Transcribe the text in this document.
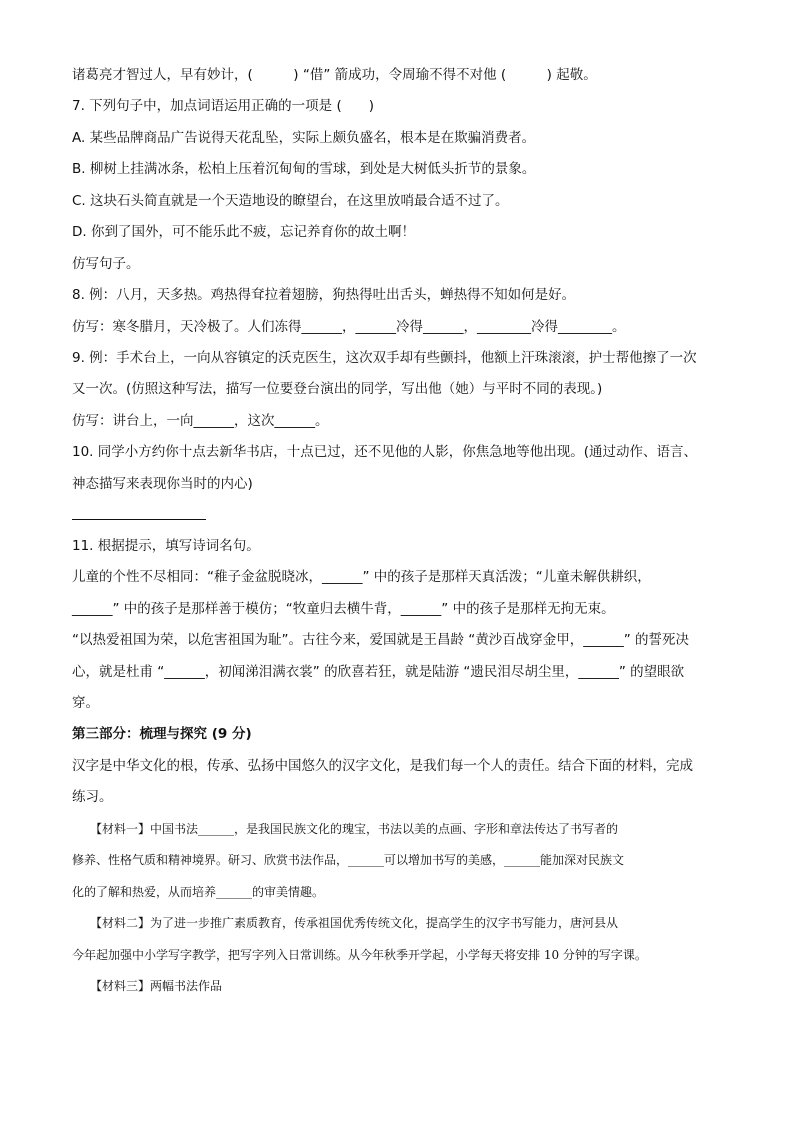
诸葛亮才智过人，早有妙计，(　　　) “借” 箭成功，令周瑜不得不对他 (　　　) 起敬。
7. 下列句子中，加点词语运用正确的一项是 (　　)
A. 某些品牌商品广告说得天花乱坠，实际上颇负盛名，根本是在欺骗消费者。
B. 柳树上挂满冰条，松柏上压着沉甸甸的雪球，到处是大树低头折节的景象。
C. 这块石头简直就是一个天造地设的瞭望台，在这里放哨最合适不过了。
D. 你到了国外，可不能乐此不疲，忘记养育你的故土啊！
仿写句子。
8. 例：八月，天多热。鸡热得耷拉着翅膀，狗热得吐出舌头，蝉热得不知如何是好。
仿写：寒冬腊月，天冷极了。人们冻得______，______冷得______，________冷得________。
9. 例：手术台上，一向从容镇定的沃克医生，这次双手却有些颤抖，他额上汗珠滚滚，护士帮他擦了一次
又一次。(仿照这种写法，描写一位要登台演出的同学，写出他（她）与平时不同的表现。)
仿写：讲台上，一向______，这次______。
10. 同学小方约你十点去新华书店，十点已过，还不见他的人影，你焦急地等他出现。(通过动作、语言、
神态描写来表现你当时的内心)
11. 根据提示，填写诗词名句。
儿童的个性不尽相同：“稚子金盆脱晓冰，______” 中的孩子是那样天真活泼；“儿童未解供耕织，
______” 中的孩子是那样善于模仿；“牧童归去横牛背，______” 中的孩子是那样无拘无束。
“以热爱祖国为荣，以危害祖国为耻”。古往今来，爱国就是王昌龄 “黄沙百战穿金甲，______” 的誓死决
心，就是杜甫 “______，初闻涕泪满衣裳” 的欣喜若狂，就是陆游 “遗民泪尽胡尘里，______” 的望眼欲
穿。
第三部分：梳理与探究 (9 分)
汉字是中华文化的根，传承、弘扬中国悠久的汉字文化，是我们每一个人的责任。结合下面的材料，完成
练习。
　　【材料一】中国书法______，是我国民族文化的瑰宝，书法以美的点画、字形和章法传达了书写者的
修养、性格气质和精神境界。研习、欣赏书法作品，______可以增加书写的美感，______能加深对民族文
化的了解和热爱，从而培养______的审美情趣。
　　【材料二】为了进一步推广素质教育，传承祖国优秀传统文化，提高学生的汉字书写能力，唐河县从
今年起加强中小学写字教学，把写字列入日常训练。从今年秋季开学起，小学每天将安排 10 分钟的写字课。
　　【材料三】两幅书法作品
